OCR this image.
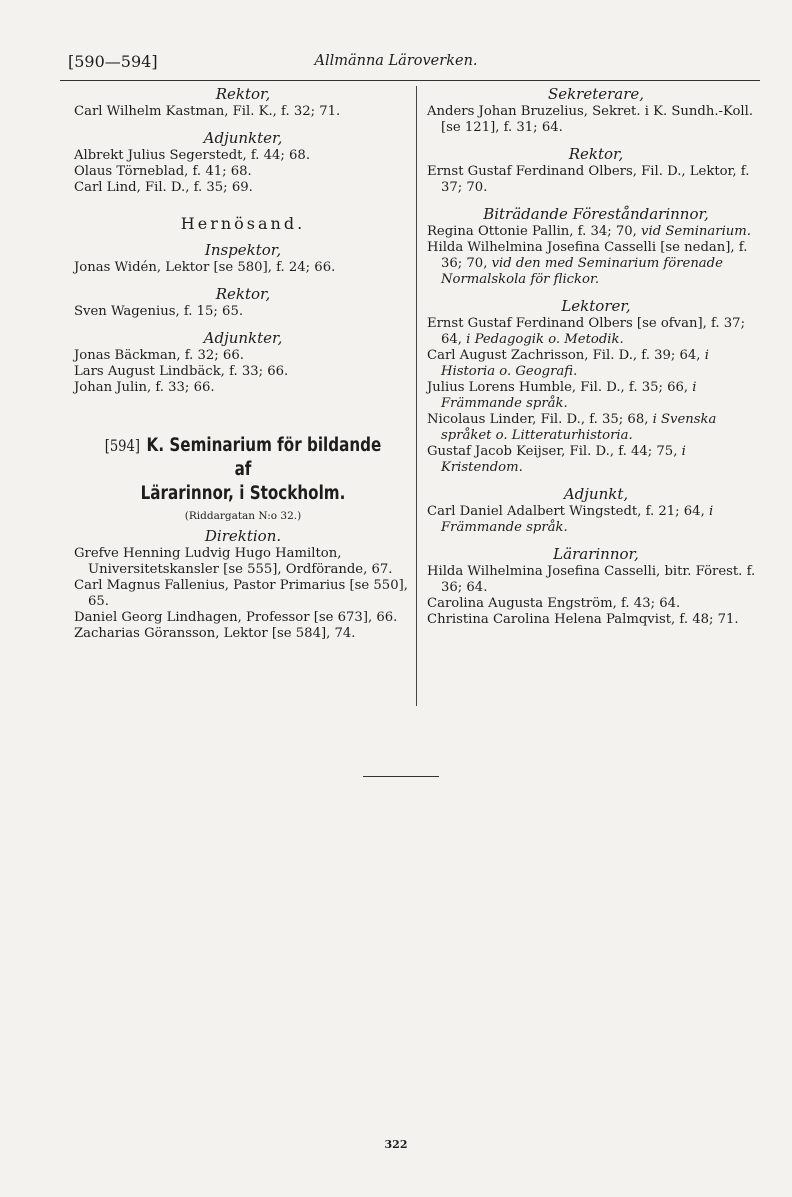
[590—594]	Allmänna Läroverken.
Rektor,
Carl Wilhelm Kastman, Fil. K., f. 32; 71.
Adjunkter,
Albrekt Julius Segerstedt, f. 44; 68.
Olaus Törneblad, f. 41; 68.
Carl Lind, Fil. D., f. 35; 69.
Hernösand.
Inspektor,
Jonas Widén, Lektor [se 580], f. 24; 66.
Rektor,
Sven Wagenius, f. 15; 65.
Adjunkter,
Jonas Bäckman, f. 32; 66.
Lars August Lindbäck, f. 33; 66.
Johan Julin, f. 33; 66.
[594] K. Seminarium för bildande af
Lärarinnor, i Stockholm.
(Riddargatan N:o 32.)
Direktion.
Grefve Henning Ludvig Hugo Hamilton, Universitetskansler [se 555], Ordförande, 67.
Carl Magnus Fallenius, Pastor Primarius [se 550], 65.
Daniel Georg Lindhagen, Professor [se 673], 66.
Zacharias Göransson, Lektor [se 584], 74.
Sekreterare,
Anders Johan Bruzelius, Sekret. i K. Sundh.-Koll. [se 121], f. 31; 64.
Rektor,
Ernst Gustaf Ferdinand Olbers, Fil. D., Lektor, f. 37; 70.
Biträdande Föreståndarinnor,
Regina Ottonie Pallin, f. 34; 70, vid Seminarium.
Hilda Wilhelmina Josefina Casselli [se nedan], f. 36; 70, vid den med Seminarium förenade Normalskola för flickor.
Lektorer,
Ernst Gustaf Ferdinand Olbers [se ofvan], f. 37; 64, i Pedagogik o. Metodik.
Carl August Zachrisson, Fil. D., f. 39; 64, i Historia o. Geografi.
Julius Lorens Humble, Fil. D., f. 35; 66, i Främmande språk.
Nicolaus Linder, Fil. D., f. 35; 68, i Svenska språket o. Litteraturhistoria.
Gustaf Jacob Keijser, Fil. D., f. 44; 75, i Kristendom.
Adjunkt,
Carl Daniel Adalbert Wingstedt, f. 21; 64, i Främmande språk.
Lärarinnor,
Hilda Wilhelmina Josefina Casselli, bitr. Förest. f. 36; 64.
Carolina Augusta Engström, f. 43; 64.
Christina Carolina Helena Palmqvist, f. 48; 71.
322
